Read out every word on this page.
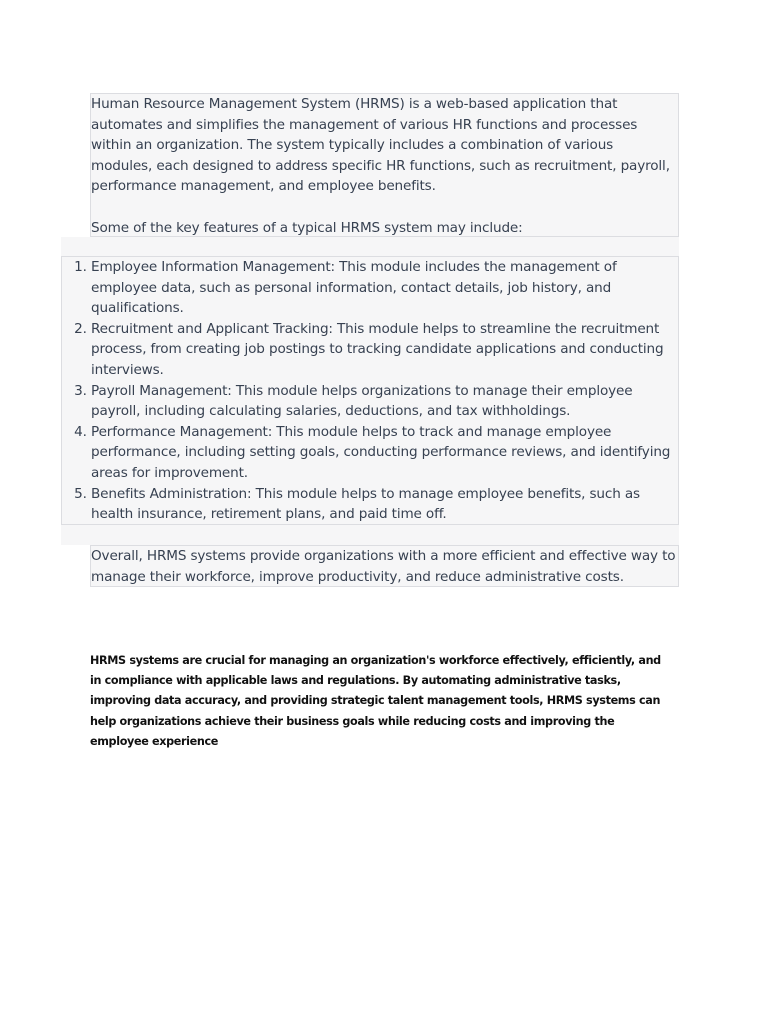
Human Resource Management System (HRMS) is a web-based application that automates and simplifies the management of various HR functions and processes within an organization. The system typically includes a combination of various modules, each designed to address specific HR functions, such as recruitment, payroll, performance management, and employee benefits.

Some of the key features of a typical HRMS system may include:

1. Employee Information Management: This module includes the management of employee data, such as personal information, contact details, job history, and qualifications.
2. Recruitment and Applicant Tracking: This module helps to streamline the recruitment process, from creating job postings to tracking candidate applications and conducting interviews.
3. Payroll Management: This module helps organizations to manage their employee payroll, including calculating salaries, deductions, and tax withholdings.
4. Performance Management: This module helps to track and manage employee performance, including setting goals, conducting performance reviews, and identifying areas for improvement.
5. Benefits Administration: This module helps to manage employee benefits, such as health insurance, retirement plans, and paid time off.

Overall, HRMS systems provide organizations with a more efficient and effective way to manage their workforce, improve productivity, and reduce administrative costs.

HRMS systems are crucial for managing an organization's workforce effectively, efficiently, and in compliance with applicable laws and regulations. By automating administrative tasks, improving data accuracy, and providing strategic talent management tools, HRMS systems can help organizations achieve their business goals while reducing costs and improving the employee experience
